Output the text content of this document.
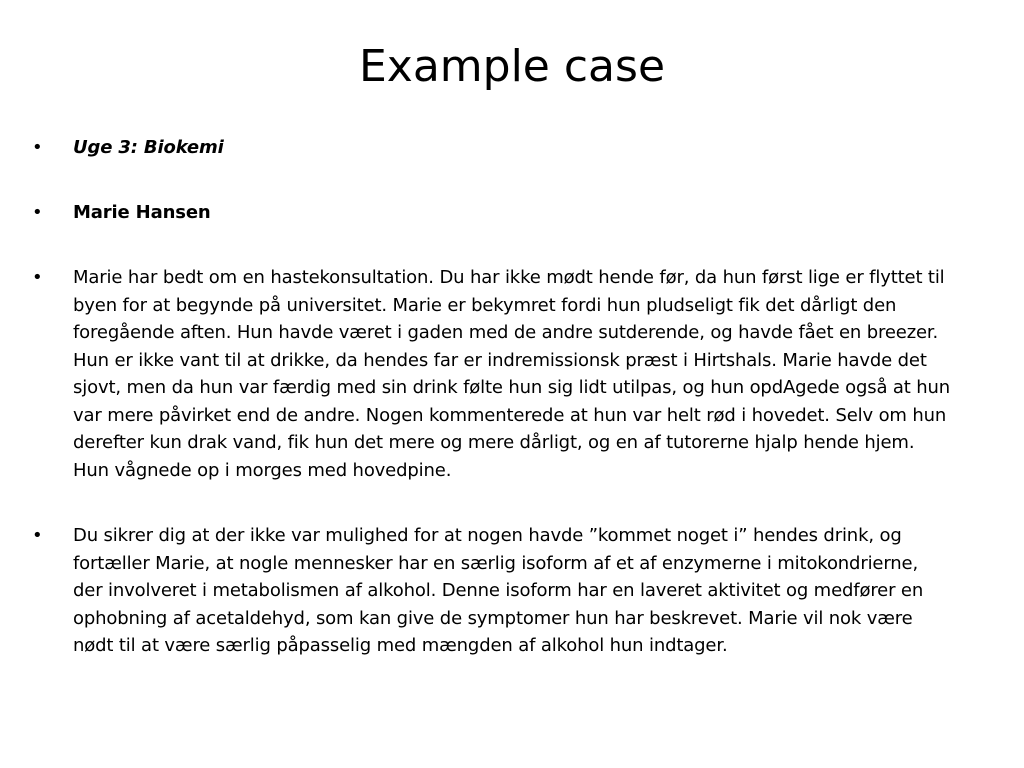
Example case
• Uge 3: Biokemi

• Marie Hansen

• Marie har bedt om en hastekonsultation. Du har ikke mødt hende før, da hun først lige er flyttet til byen for at begynde på universitet. Marie er bekymret fordi hun pludseligt fik det dårligt den foregående aften. Hun havde været i gaden med de andre sutderende, og havde fået en breezer. Hun er ikke vant til at drikke, da hendes far er indremissionsk præst i Hirtshals. Marie havde det sjovt, men da hun var færdig med sin drink følte hun sig lidt utilpas, og hun opdAgede også at hun var mere påvirket end de andre. Nogen kommenterede at hun var helt rød i hovedet. Selv om hun derefter kun drak vand, fik hun det mere og mere dårligt, og en af tutorerne hjalp hende hjem. Hun vågnede op i morges med hovedpine.

• Du sikrer dig at der ikke var mulighed for at nogen havde ”kommet noget i” hendes drink, og fortæller Marie, at nogle mennesker har en særlig isoform af et af enzymerne i mitokondrierne, der involveret i metabolismen af alkohol. Denne isoform har en laveret aktivitet og medfører en ophobning af acetaldehyd, som kan give de symptomer hun har beskrevet. Marie vil nok være nødt til at være særlig påpasselig med mængden af alkohol hun indtager.
